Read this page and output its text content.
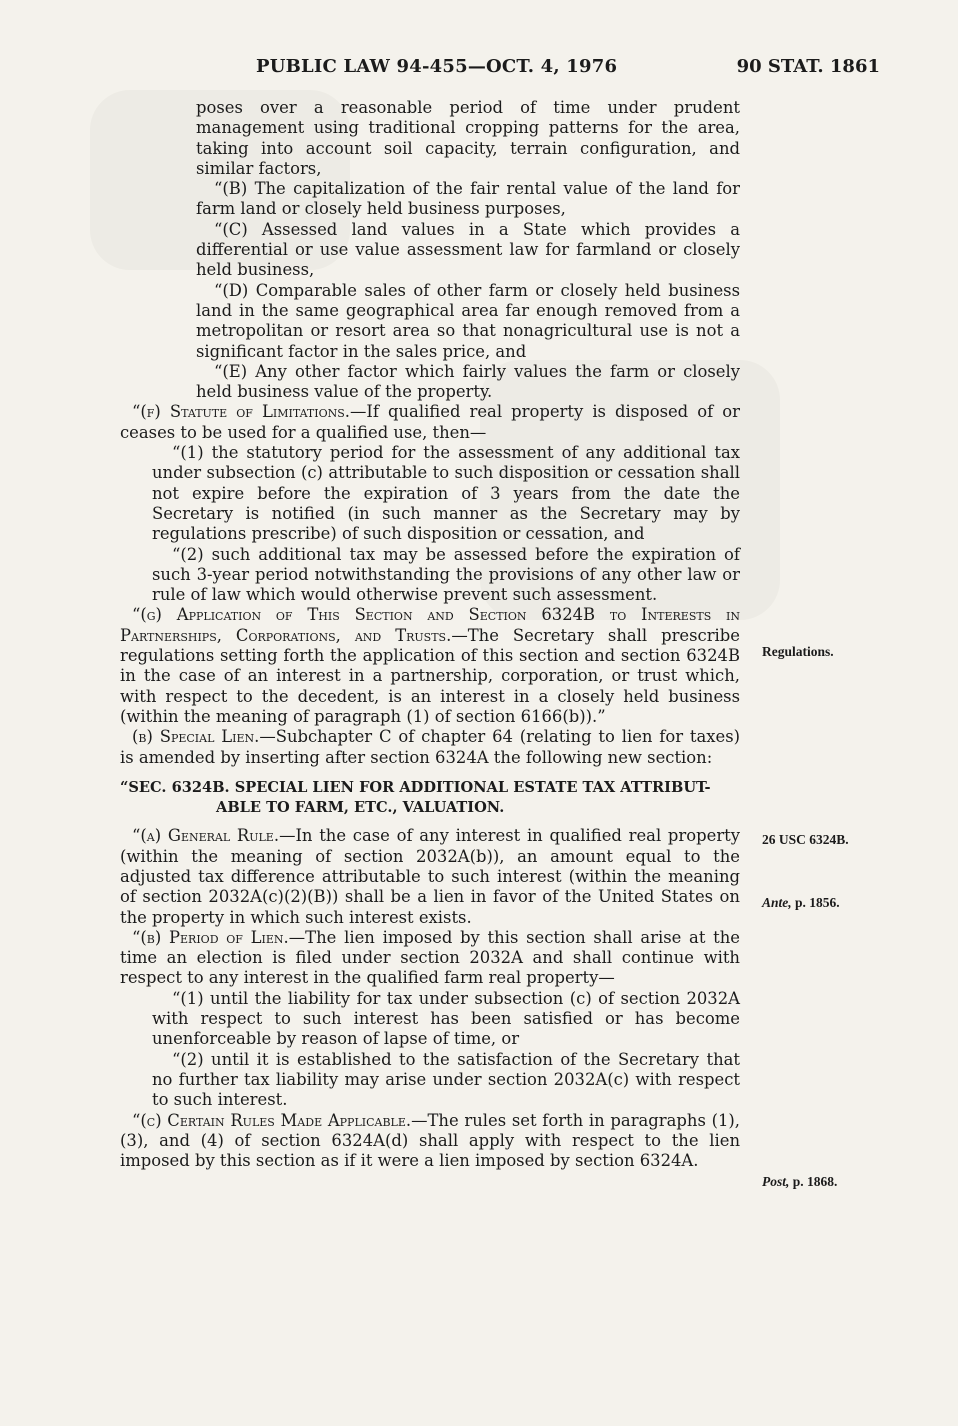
PUBLIC LAW 94-455—OCT. 4, 1976	90 STAT. 1861

poses over a reasonable period of time under prudent management using traditional cropping patterns for the area, taking into account soil capacity, terrain configuration, and similar factors,

“(B) The capitalization of the fair rental value of the land for farm land or closely held business purposes,

“(C) Assessed land values in a State which provides a differential or use value assessment law for farmland or closely held business,

“(D) Comparable sales of other farm or closely held business land in the same geographical area far enough removed from a metropolitan or resort area so that nonagricultural use is not a significant factor in the sales price, and

“(E) Any other factor which fairly values the farm or closely held business value of the property.

“(f) Statute of Limitations.—If qualified real property is disposed of or ceases to be used for a qualified use, then—

“(1) the statutory period for the assessment of any additional tax under subsection (c) attributable to such disposition or cessation shall not expire before the expiration of 3 years from the date the Secretary is notified (in such manner as the Secretary may by regulations prescribe) of such disposition or cessation, and

“(2) such additional tax may be assessed before the expiration of such 3-year period notwithstanding the provisions of any other law or rule of law which would otherwise prevent such assessment.

“(g) Application of This Section and Section 6324B to Interests in Partnerships, Corporations, and Trusts.—The Secretary shall prescribe regulations setting forth the application of this section and section 6324B in the case of an interest in a partnership, corporation, or trust which, with respect to the decedent, is an interest in a closely held business (within the meaning of paragraph (1) of section 6166(b)).”

(b) Special Lien.—Subchapter C of chapter 64 (relating to lien for taxes) is amended by inserting after section 6324A the following new section:

“SEC. 6324B. SPECIAL LIEN FOR ADDITIONAL ESTATE TAX ATTRIBUT-
ABLE TO FARM, ETC., VALUATION.

“(a) General Rule.—In the case of any interest in qualified real property (within the meaning of section 2032A(b)), an amount equal to the adjusted tax difference attributable to such interest (within the meaning of section 2032A(c)(2)(B)) shall be a lien in favor of the United States on the property in which such interest exists.

“(b) Period of Lien.—The lien imposed by this section shall arise at the time an election is filed under section 2032A and shall continue with respect to any interest in the qualified farm real property—

“(1) until the liability for tax under subsection (c) of section 2032A with respect to such interest has been satisfied or has become unenforceable by reason of lapse of time, or

“(2) until it is established to the satisfaction of the Secretary that no further tax liability may arise under section 2032A(c) with respect to such interest.

“(c) Certain Rules Made Applicable.—The rules set forth in paragraphs (1), (3), and (4) of section 6324A(d) shall apply with respect to the lien imposed by this section as if it were a lien imposed by section 6324A.

Regulations.
26 USC 6324B.
Ante, p. 1856.
Post, p. 1868.
